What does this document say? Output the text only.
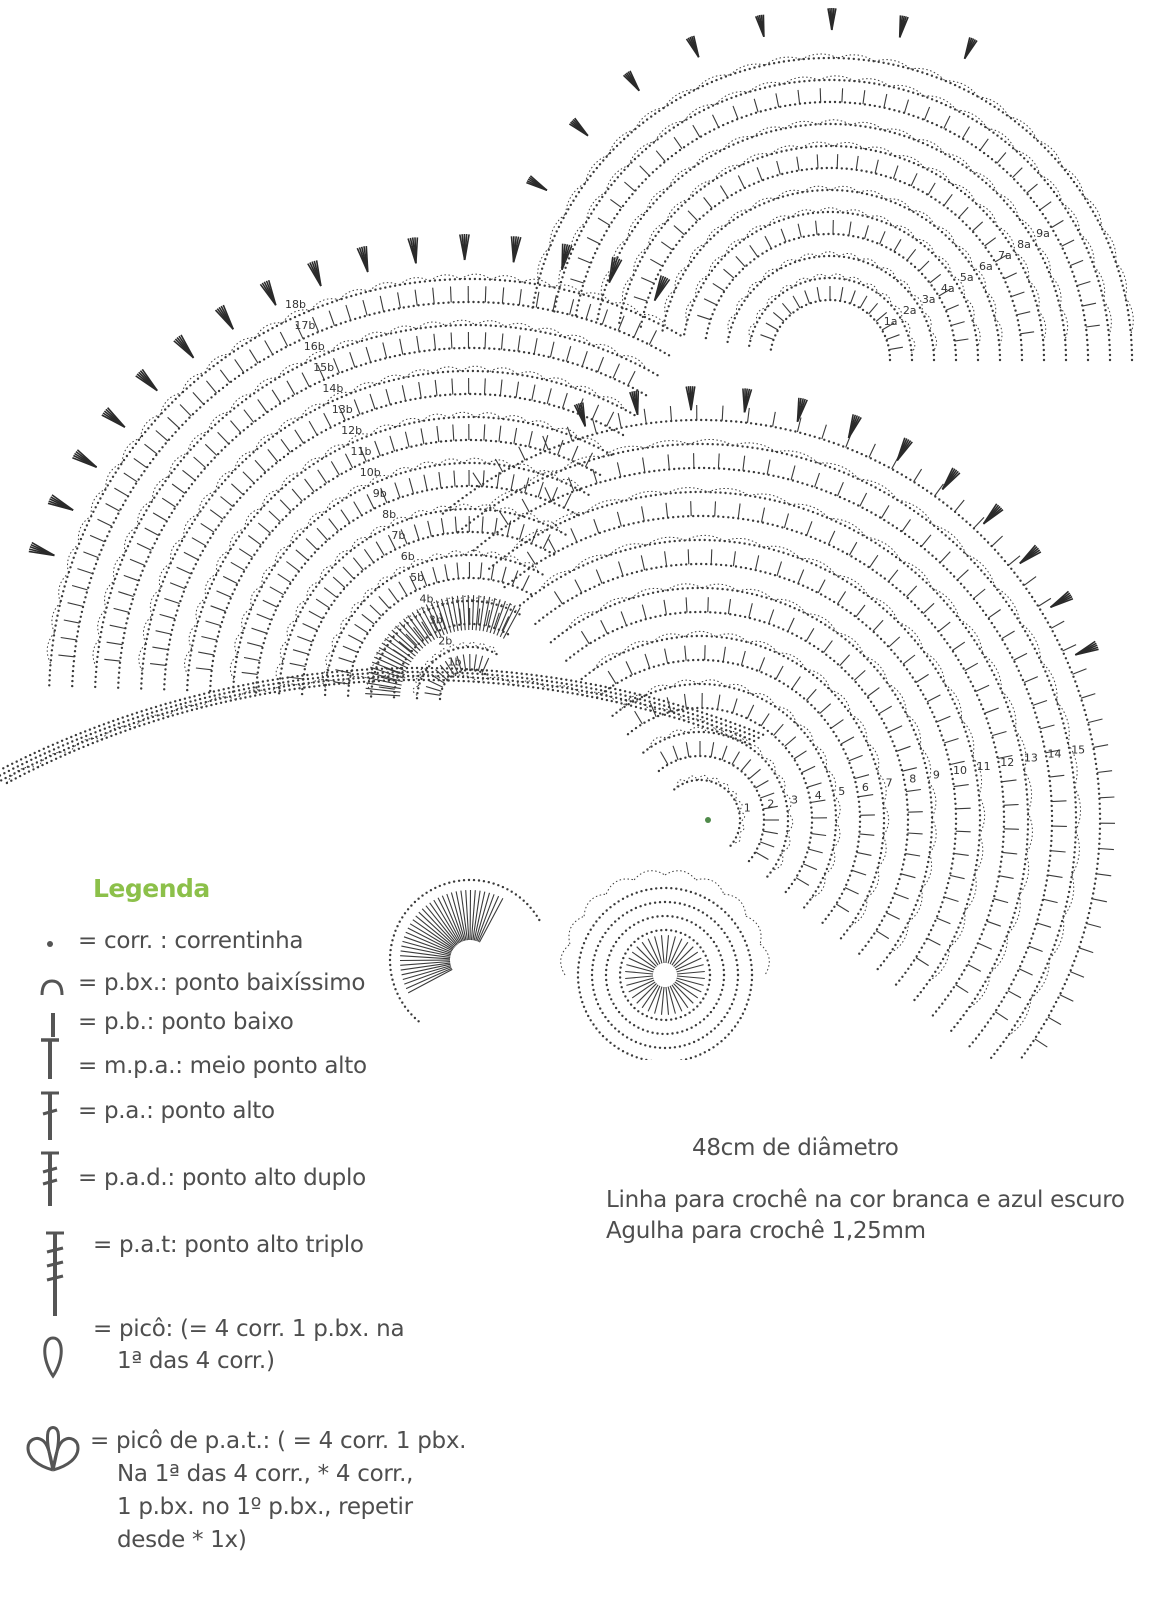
1b
2b
3b
4b
5b
6b
7b
8b
9b
10b
11b
12b
13b
14b
15b
16b
17b
18b
1 2 3 4 5 6 7 8 9 10 11 12 13 14 15
1a
2a
3a
4a
5a
6a
7a
8a
9a
Legenda
= corr. : correntinha
= p.bx.: ponto baixíssimo
= p.b.: ponto baixo
= m.p.a.: meio ponto alto
= p.a.: ponto alto
= p.a.d.: ponto alto duplo
= p.a.t: ponto alto triplo
= picô: (= 4 corr. 1 p.bx. na
1ª das 4 corr.)
= picô de p.a.t.: ( = 4 corr. 1 pbx.
Na 1ª das 4 corr., * 4 corr.,
1 p.bx. no 1º p.bx., repetir
desde * 1x)
48cm de diâmetro
Linha para crochê na cor branca e azul escuro
Agulha para crochê 1,25mm
